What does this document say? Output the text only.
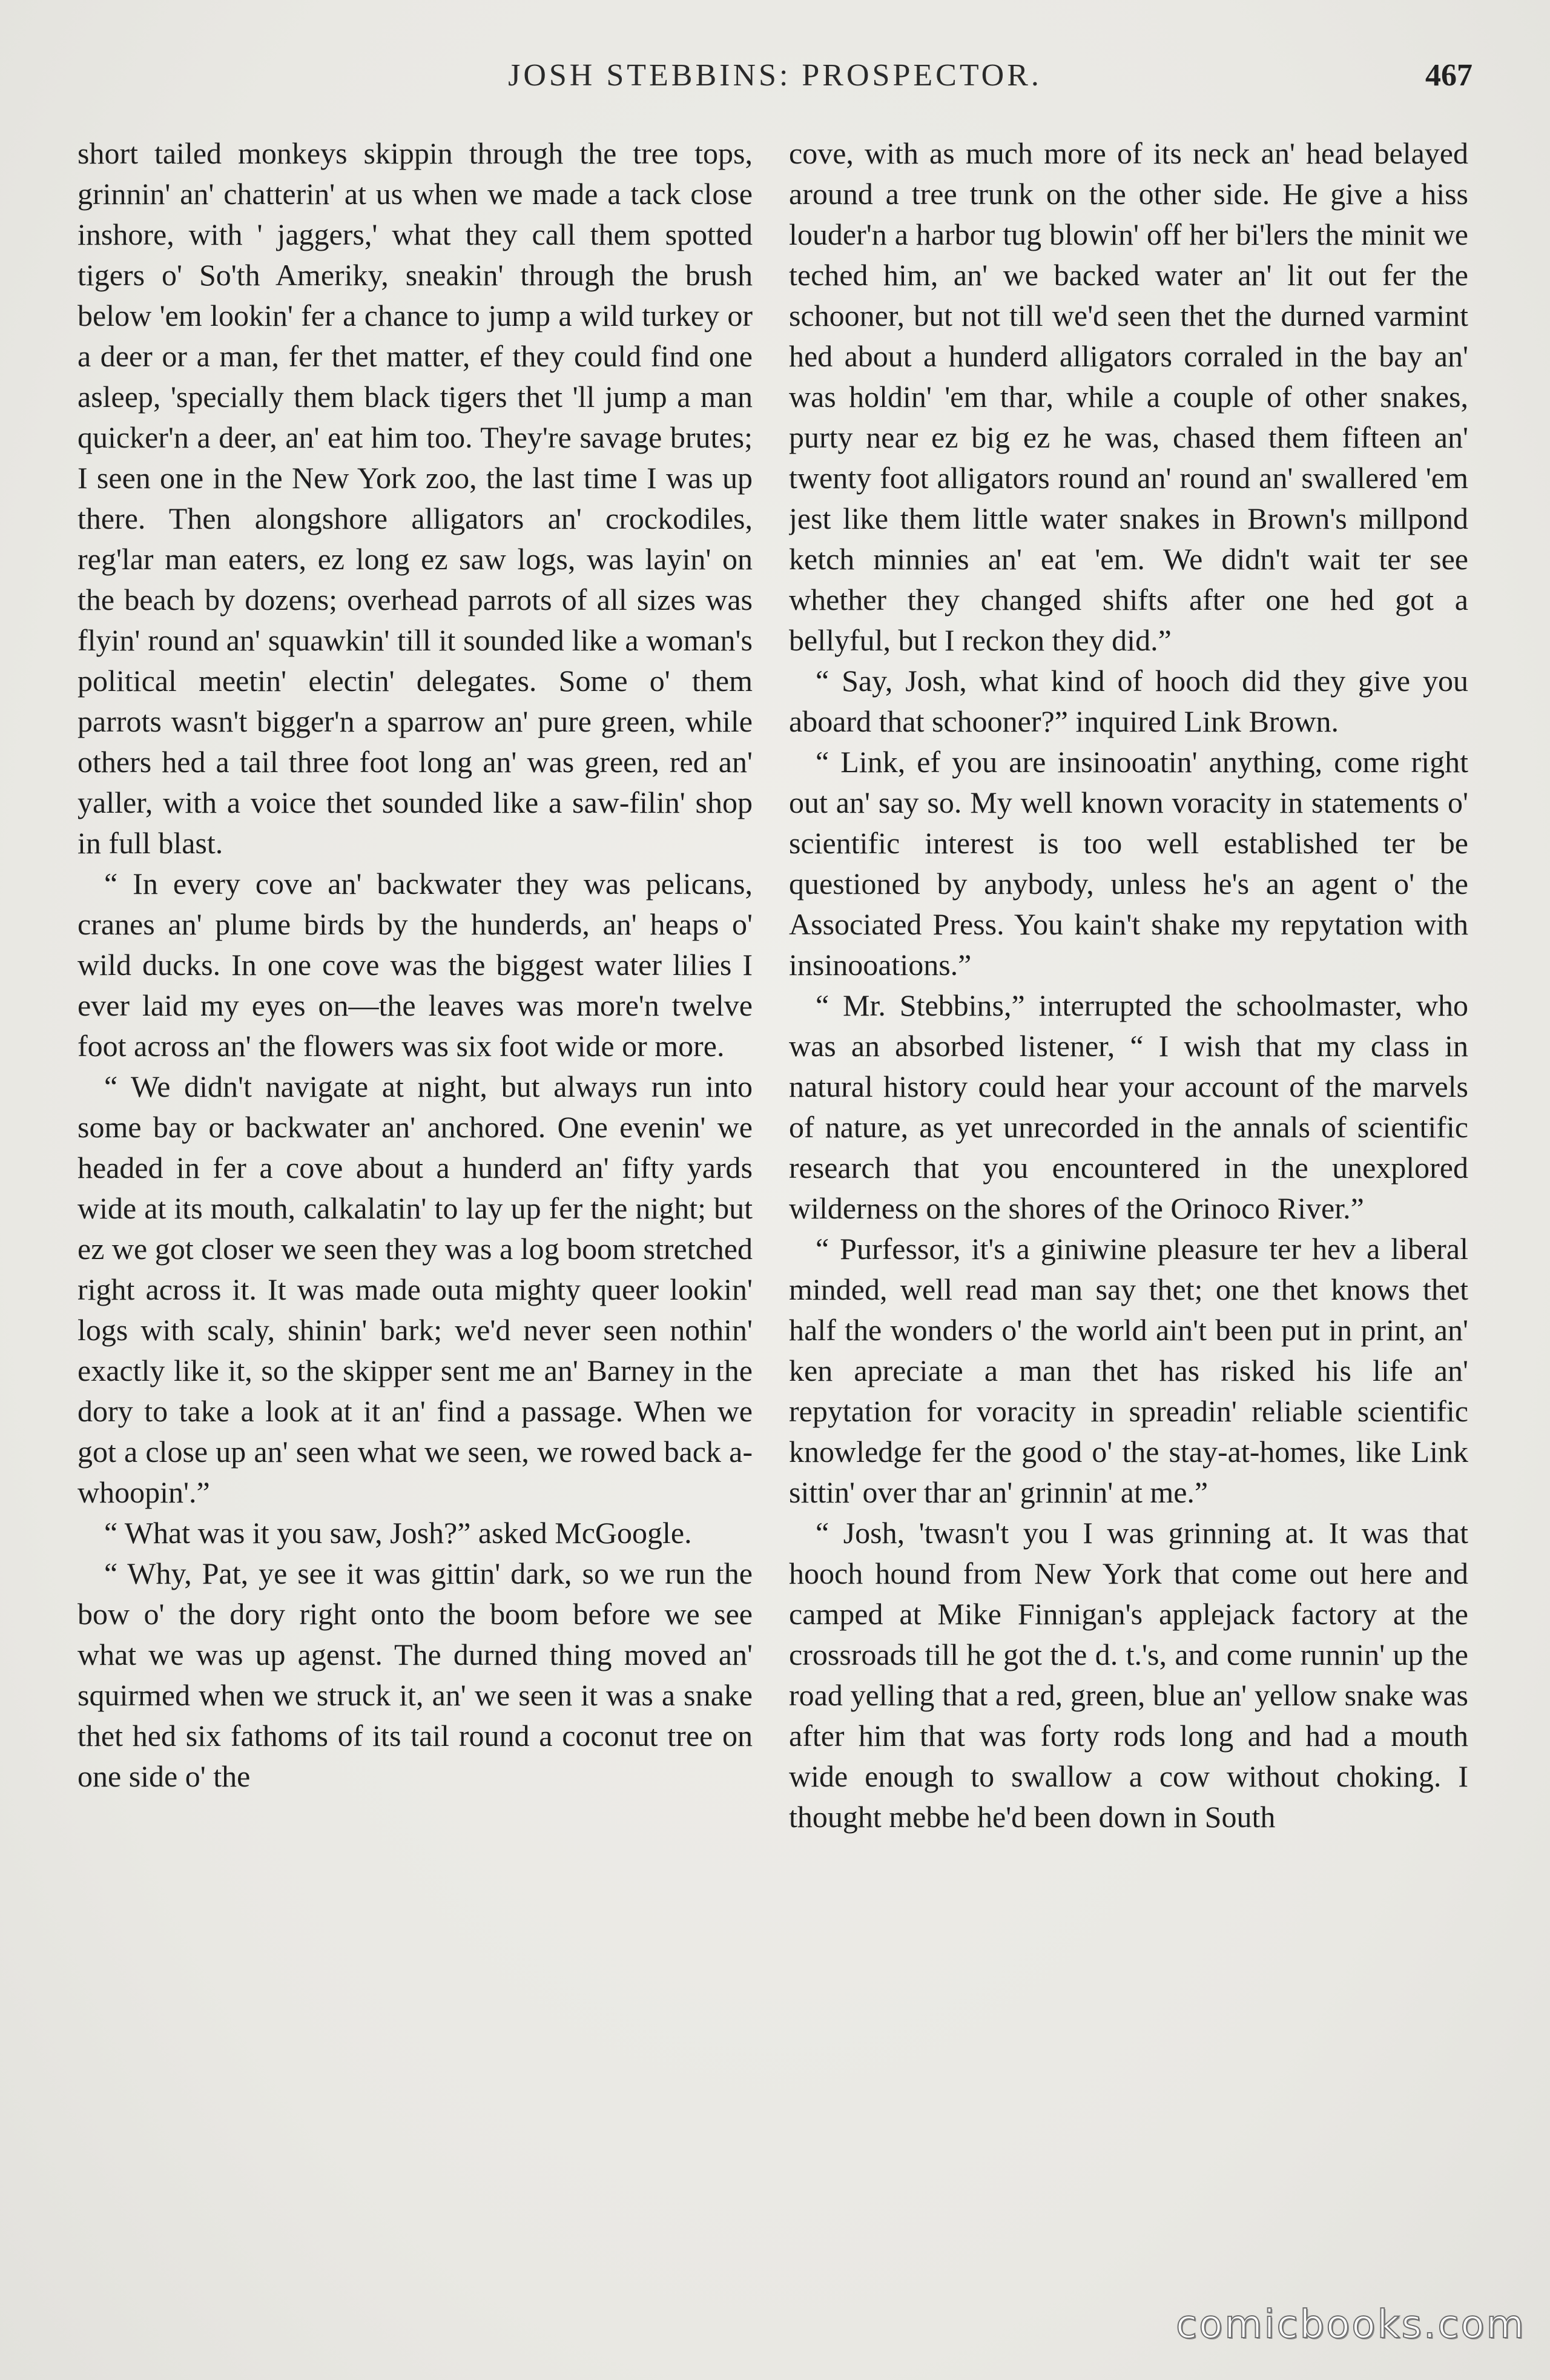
JOSH STEBBINS: PROSPECTOR.	467

short tailed monkeys skippin through the tree tops, grinnin' an' chatterin' at us when we made a tack close inshore, with ' jaggers,' what they call them spotted tigers o' So'th Ameriky, sneakin' through the brush below 'em lookin' fer a chance to jump a wild turkey or a deer or a man, fer thet matter, ef they could find one asleep, 'specially them black tigers thet 'll jump a man quicker'n a deer, an' eat him too. They're savage brutes; I seen one in the New York zoo, the last time I was up there. Then alongshore alligators an' crockodiles, reg'lar man eaters, ez long ez saw logs, was layin' on the beach by dozens; overhead parrots of all sizes was flyin' round an' squawkin' till it sounded like a woman's political meetin' electin' delegates. Some o' them parrots wasn't bigger'n a sparrow an' pure green, while others hed a tail three foot long an' was green, red an' yaller, with a voice thet sounded like a saw-filin' shop in full blast.

“ In every cove an' backwater they was pelicans, cranes an' plume birds by the hunderds, an' heaps o' wild ducks. In one cove was the biggest water lilies I ever laid my eyes on—the leaves was more'n twelve foot across an' the flowers was six foot wide or more.

“ We didn't navigate at night, but always run into some bay or backwater an' anchored. One evenin' we headed in fer a cove about a hunderd an' fifty yards wide at its mouth, calkalatin' to lay up fer the night; but ez we got closer we seen they was a log boom stretched right across it. It was made outa mighty queer lookin' logs with scaly, shinin' bark; we'd never seen nothin' exactly like it, so the skipper sent me an' Barney in the dory to take a look at it an' find a passage. When we got a close up an' seen what we seen, we rowed back a-whoopin'.”

“ What was it you saw, Josh?” asked McGoogle.

“ Why, Pat, ye see it was gittin' dark, so we run the bow o' the dory right onto the boom before we see what we was up agenst. The durned thing moved an' squirmed when we struck it, an' we seen it was a snake thet hed six fathoms of its tail round a coconut tree on one side o' the

cove, with as much more of its neck an' head belayed around a tree trunk on the other side. He give a hiss louder'n a harbor tug blowin' off her bi'lers the minit we teched him, an' we backed water an' lit out fer the schooner, but not till we'd seen thet the durned varmint hed about a hunderd alligators corraled in the bay an' was holdin' 'em thar, while a couple of other snakes, purty near ez big ez he was, chased them fifteen an' twenty foot alligators round an' round an' swallered 'em jest like them little water snakes in Brown's millpond ketch minnies an' eat 'em. We didn't wait ter see whether they changed shifts after one hed got a bellyful, but I reckon they did.”

“ Say, Josh, what kind of hooch did they give you aboard that schooner?” inquired Link Brown.

“ Link, ef you are insinooatin' anything, come right out an' say so. My well known voracity in statements o' scientific interest is too well established ter be questioned by anybody, unless he's an agent o' the Associated Press. You kain't shake my repytation with insinooations.”

“ Mr. Stebbins,” interrupted the schoolmaster, who was an absorbed listener, “ I wish that my class in natural history could hear your account of the marvels of nature, as yet unrecorded in the annals of scientific research that you encountered in the unexplored wilderness on the shores of the Orinoco River.”

“ Purfessor, it's a giniwine pleasure ter hev a liberal minded, well read man say thet; one thet knows thet half the wonders o' the world ain't been put in print, an' ken apreciate a man thet has risked his life an' repytation for voracity in spreadin' reliable scientific knowledge fer the good o' the stay-at-homes, like Link sittin' over thar an' grinnin' at me.”

“ Josh, 'twasn't you I was grinning at. It was that hooch hound from New York that come out here and camped at Mike Finnigan's applejack factory at the crossroads till he got the d. t.'s, and come runnin' up the road yelling that a red, green, blue an' yellow snake was after him that was forty rods long and had a mouth wide enough to swallow a cow without choking. I thought mebbe he'd been down in South

comicbooks.com
